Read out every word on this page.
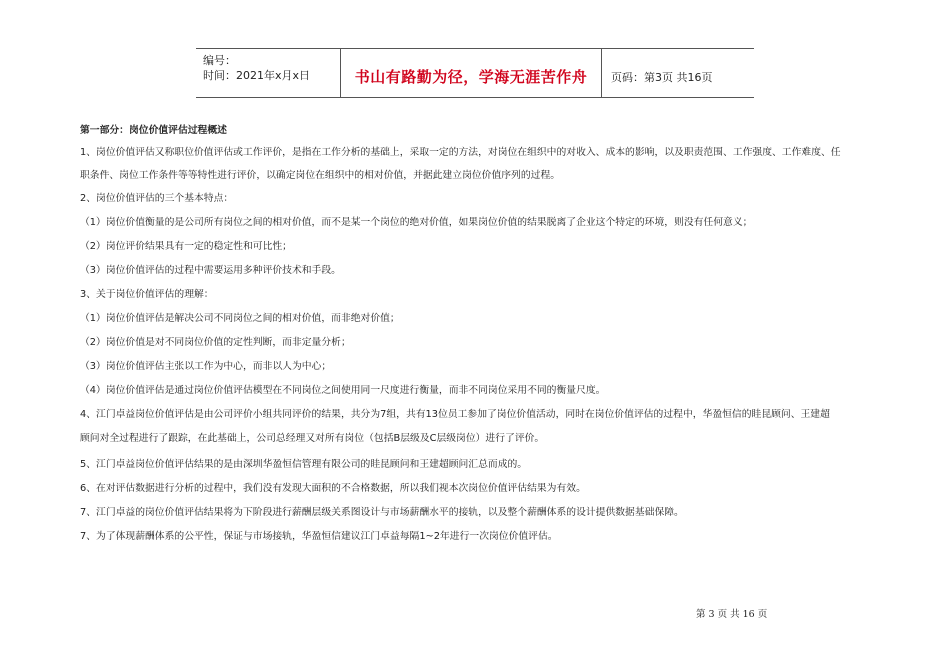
编号：
时间：2021年x月x日	书山有路勤为径，学海无涯苦作舟	页码：第3页 共16页

第一部分：岗位价值评估过程概述

1、岗位价值评估又称职位价值评估或工作评价，是指在工作分析的基础上，采取一定的方法，对岗位在组织中的对收入、成本的影响，以及职责范围、工作强度、工作难度、任

职条件、岗位工作条件等等特性进行评价，以确定岗位在组织中的相对价值，并据此建立岗位价值序列的过程。

2、岗位价值评估的三个基本特点：

（1）岗位价值衡量的是公司所有岗位之间的相对价值，而不是某一个岗位的绝对价值，如果岗位价值的结果脱离了企业这个特定的环境，则没有任何意义；

（2）岗位评价结果具有一定的稳定性和可比性；

（3）岗位价值评估的过程中需要运用多种评价技术和手段。

3、关于岗位价值评估的理解：

（1）岗位价值评估是解决公司不同岗位之间的相对价值，而非绝对价值；

（2）岗位价值是对不同岗位价值的定性判断，而非定量分析；

（3）岗位价值评估主张以工作为中心，而非以人为中心；

（4）岗位价值评估是通过岗位价值评估模型在不同岗位之间使用同一尺度进行衡量，而非不同岗位采用不同的衡量尺度。

4、江门卓益岗位价值评估是由公司评价小组共同评价的结果，共分为7组，共有13位员工参加了岗位价值活动，同时在岗位价值评估的过程中，华盈恒信的眭昆顾问、王建超

顾问对全过程进行了跟踪，在此基础上，公司总经理又对所有岗位（包括B层级及C层级岗位）进行了评价。

5、江门卓益岗位价值评估结果的是由深圳华盈恒信管理有限公司的眭昆顾问和王建超顾问汇总而成的。

6、在对评估数据进行分析的过程中，我们没有发现大面积的不合格数据，所以我们视本次岗位价值评估结果为有效。

7、江门卓益的岗位价值评估结果将为下阶段进行薪酬层级关系图设计与市场薪酬水平的接轨，以及整个薪酬体系的设计提供数据基础保障。

7、为了体现薪酬体系的公平性，保证与市场接轨，华盈恒信建议江门卓益每隔1~2年进行一次岗位价值评估。

第 3 页 共 16 页
